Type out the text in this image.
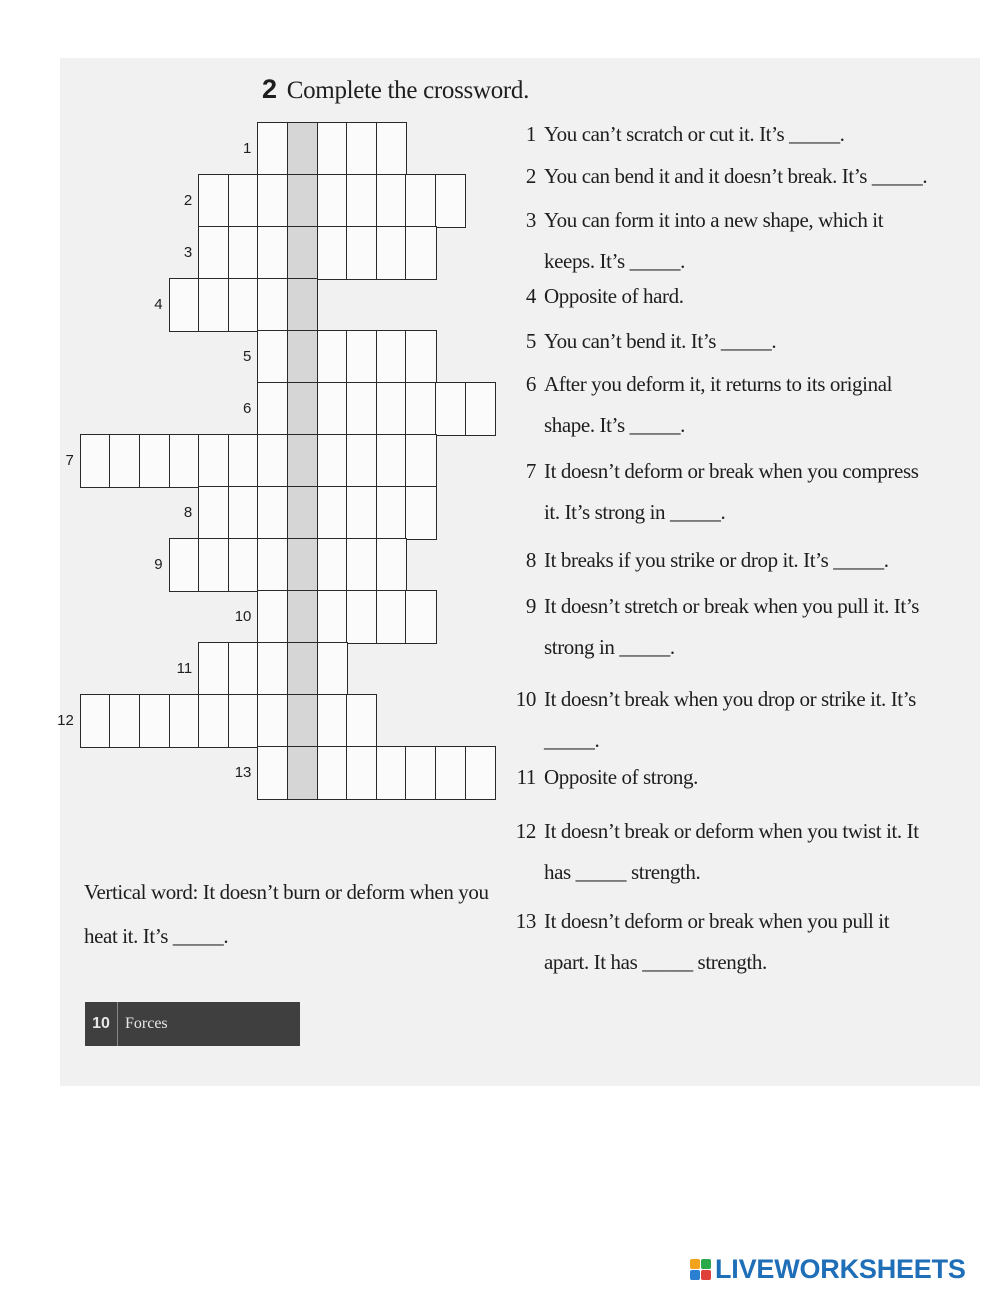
2 Complete the crossword.
1
2
3
4
5
6
7
8
9
10
11
12
13
1 You can’t scratch or cut it. It’s _____.
2 You can bend it and it doesn’t break. It’s _____.
3 You can form it into a new shape, which it
keeps. It’s _____.
4 Opposite of hard.
5 You can’t bend it. It’s _____.
6 After you deform it, it returns to its original
shape. It’s _____.
7 It doesn’t deform or break when you compress
it. It’s strong in _____.
8 It breaks if you strike or drop it. It’s _____.
9 It doesn’t stretch or break when you pull it. It’s
strong in _____.
10 It doesn’t break when you drop or strike it. It’s
_____.
11 Opposite of strong.
12 It doesn’t break or deform when you twist it. It
has _____ strength.
13 It doesn’t deform or break when you pull it
apart. It has _____ strength.
Vertical word: It doesn’t burn or deform when you heat it. It’s _____.
10 Forces
LIVEWORKSHEETS
